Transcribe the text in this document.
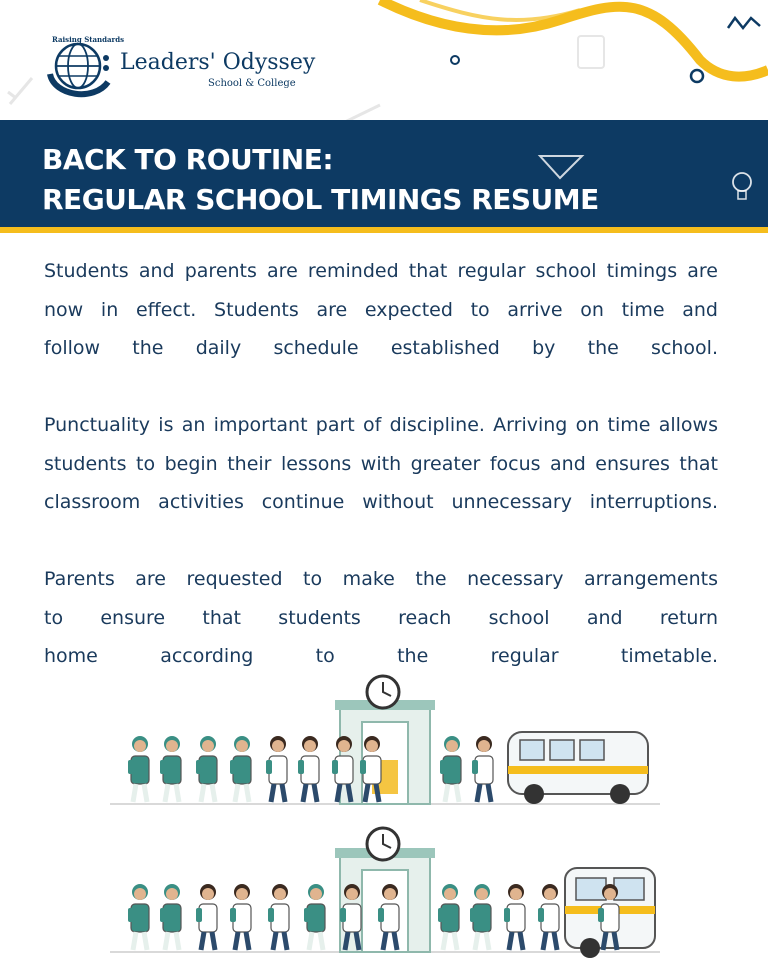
Raising Standards
Leaders' Odyssey
School & College
BACK TO ROUTINE:
REGULAR SCHOOL TIMINGS RESUME
Students and parents are reminded that regular school timings are
now in effect. Students are expected to arrive on time and
follow the daily schedule established by the school.
Punctuality is an important part of discipline. Arriving on time allows
students to begin their lessons with greater focus and ensures that
classroom activities continue without unnecessary interruptions.
Parents are requested to make the necessary arrangements
to ensure that students reach school and return
home according to the regular timetable.
